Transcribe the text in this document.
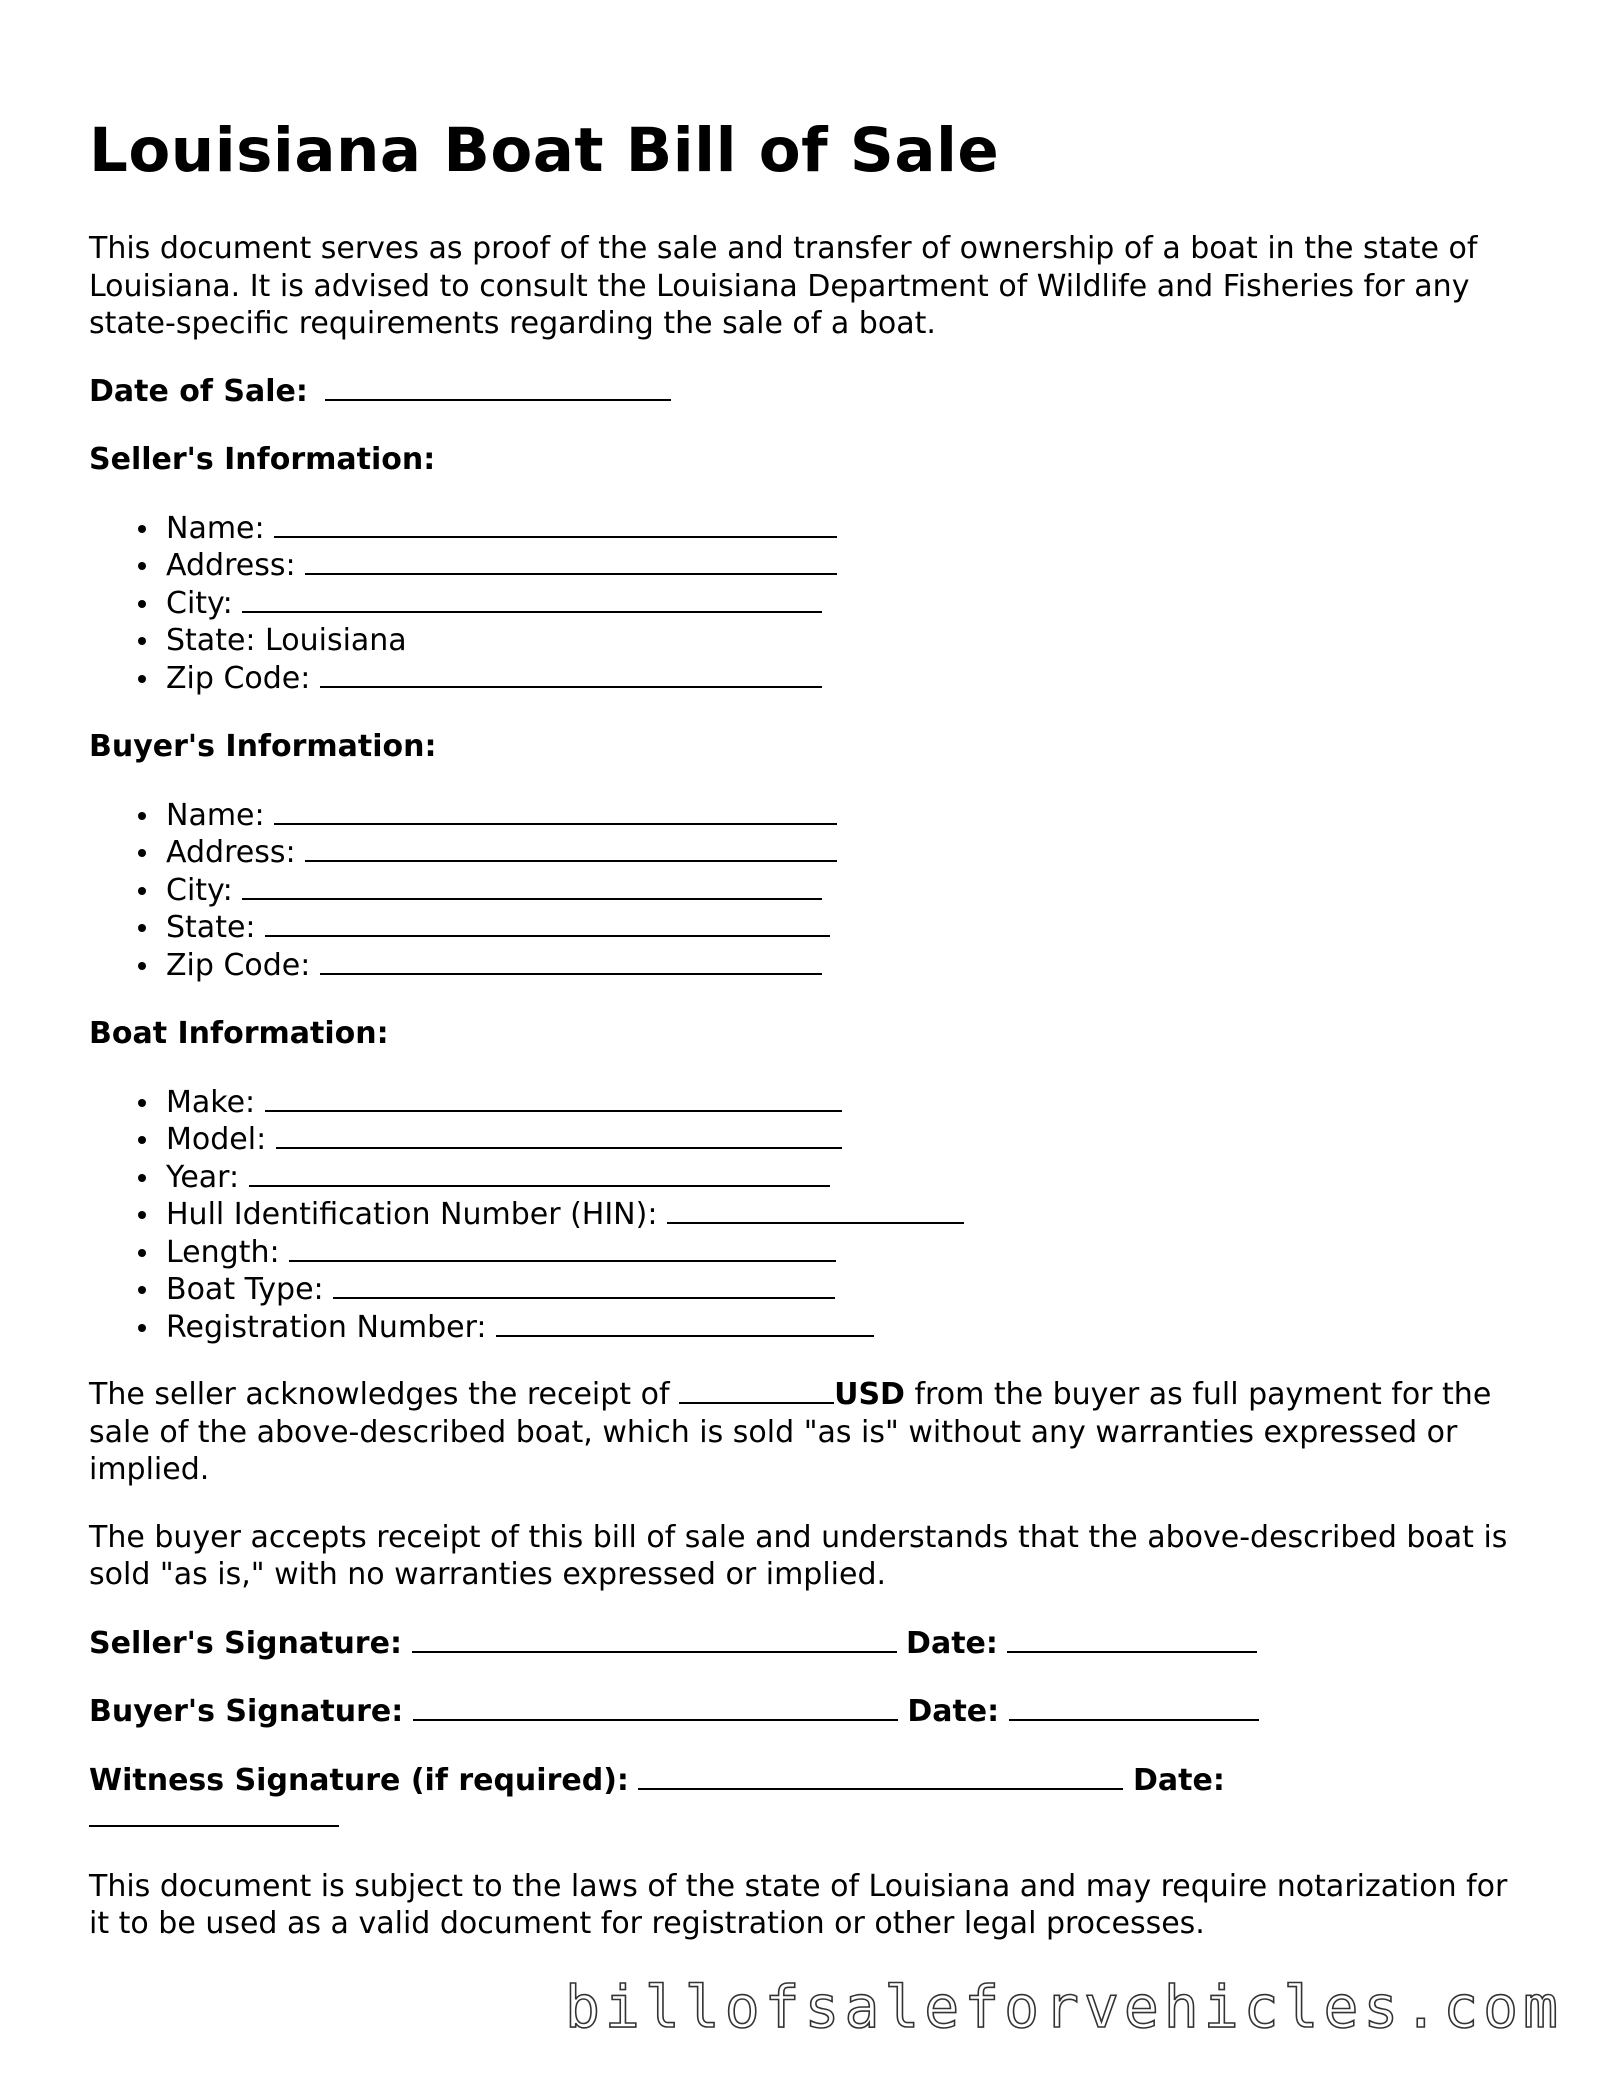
Louisiana Boat Bill of Sale

This document serves as proof of the sale and transfer of ownership of a boat in the state of Louisiana. It is advised to consult the Louisiana Department of Wildlife and Fisheries for any state-specific requirements regarding the sale of a boat.

Date of Sale:

Seller's Information:
Name:
Address:
City:
State: Louisiana
Zip Code:
Buyer's Information:
Name:
Address:
City:
State:
Zip Code:
Boat Information:
Make:
Model:
Year:
Hull Identification Number (HIN):
Length:
Boat Type:
Registration Number:

The seller acknowledges the receipt of	USD from the buyer as full payment for the sale of the above-described boat, which is sold "as is" without any warranties expressed or implied.

The buyer accepts receipt of this bill of sale and understands that the above-described boat is sold "as is," with no warranties expressed or implied.

Seller's Signature:	Date:

Buyer's Signature:	Date:

Witness Signature (if required):	Date:

This document is subject to the laws of the state of Louisiana and may require notarization for it to be used as a valid document for registration or other legal processes.

billofsaleforvehicles.com
